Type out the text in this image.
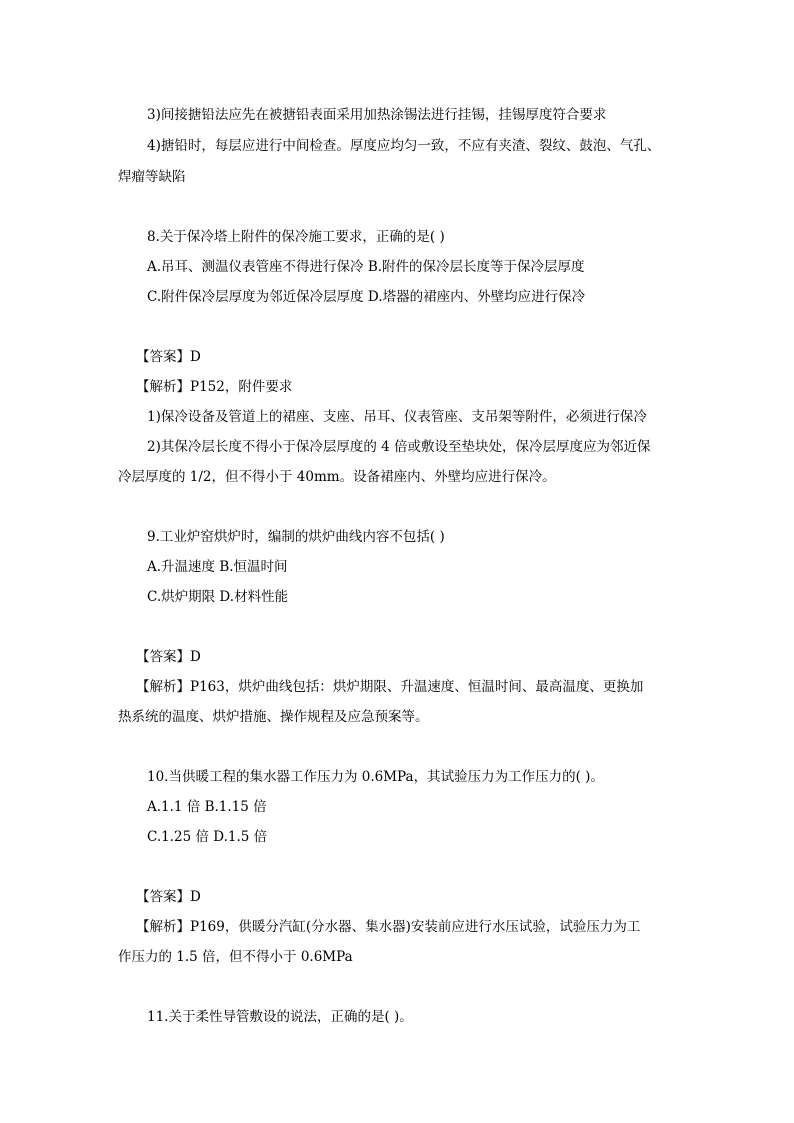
3)间接搪铅法应先在被搪铅表面采用加热涂锡法进行挂锡，挂锡厚度符合要求
4)搪铅时，每层应进行中间检查。厚度应均匀一致，不应有夹渣、裂纹、鼓泡、气孔、
焊瘤等缺陷
8.关于保冷塔上附件的保冷施工要求，正确的是( )
A.吊耳、测温仪表管座不得进行保冷 B.附件的保冷层长度等于保冷层厚度
C.附件保冷层厚度为邻近保冷层厚度 D.塔器的裙座内、外壁均应进行保冷
【答案】D
【解析】P152，附件要求
1)保冷设备及管道上的裙座、支座、吊耳、仪表管座、支吊架等附件，必须进行保冷
2)其保冷层长度不得小于保冷层厚度的 4 倍或敷设至垫块处，保冷层厚度应为邻近保
冷层厚度的 1/2，但不得小于 40mm。设备裙座内、外壁均应进行保冷。
9.工业炉窑烘炉时，编制的烘炉曲线内容不包括( )
A.升温速度 B.恒温时间
C.烘炉期限 D.材料性能
【答案】D
【解析】P163，烘炉曲线包括：烘炉期限、升温速度、恒温时间、最高温度、更换加
热系统的温度、烘炉措施、操作规程及应急预案等。
10.当供暖工程的集水器工作压力为 0.6MPa，其试验压力为工作压力的( )。
A.1.1 倍 B.1.15 倍
C.1.25 倍 D.1.5 倍
【答案】D
【解析】P169，供暖分汽缸(分水器、集水器)安装前应进行水压试验，试验压力为工
作压力的 1.5 倍，但不得小于 0.6MPa
11.关于柔性导管敷设的说法，正确的是( )。
